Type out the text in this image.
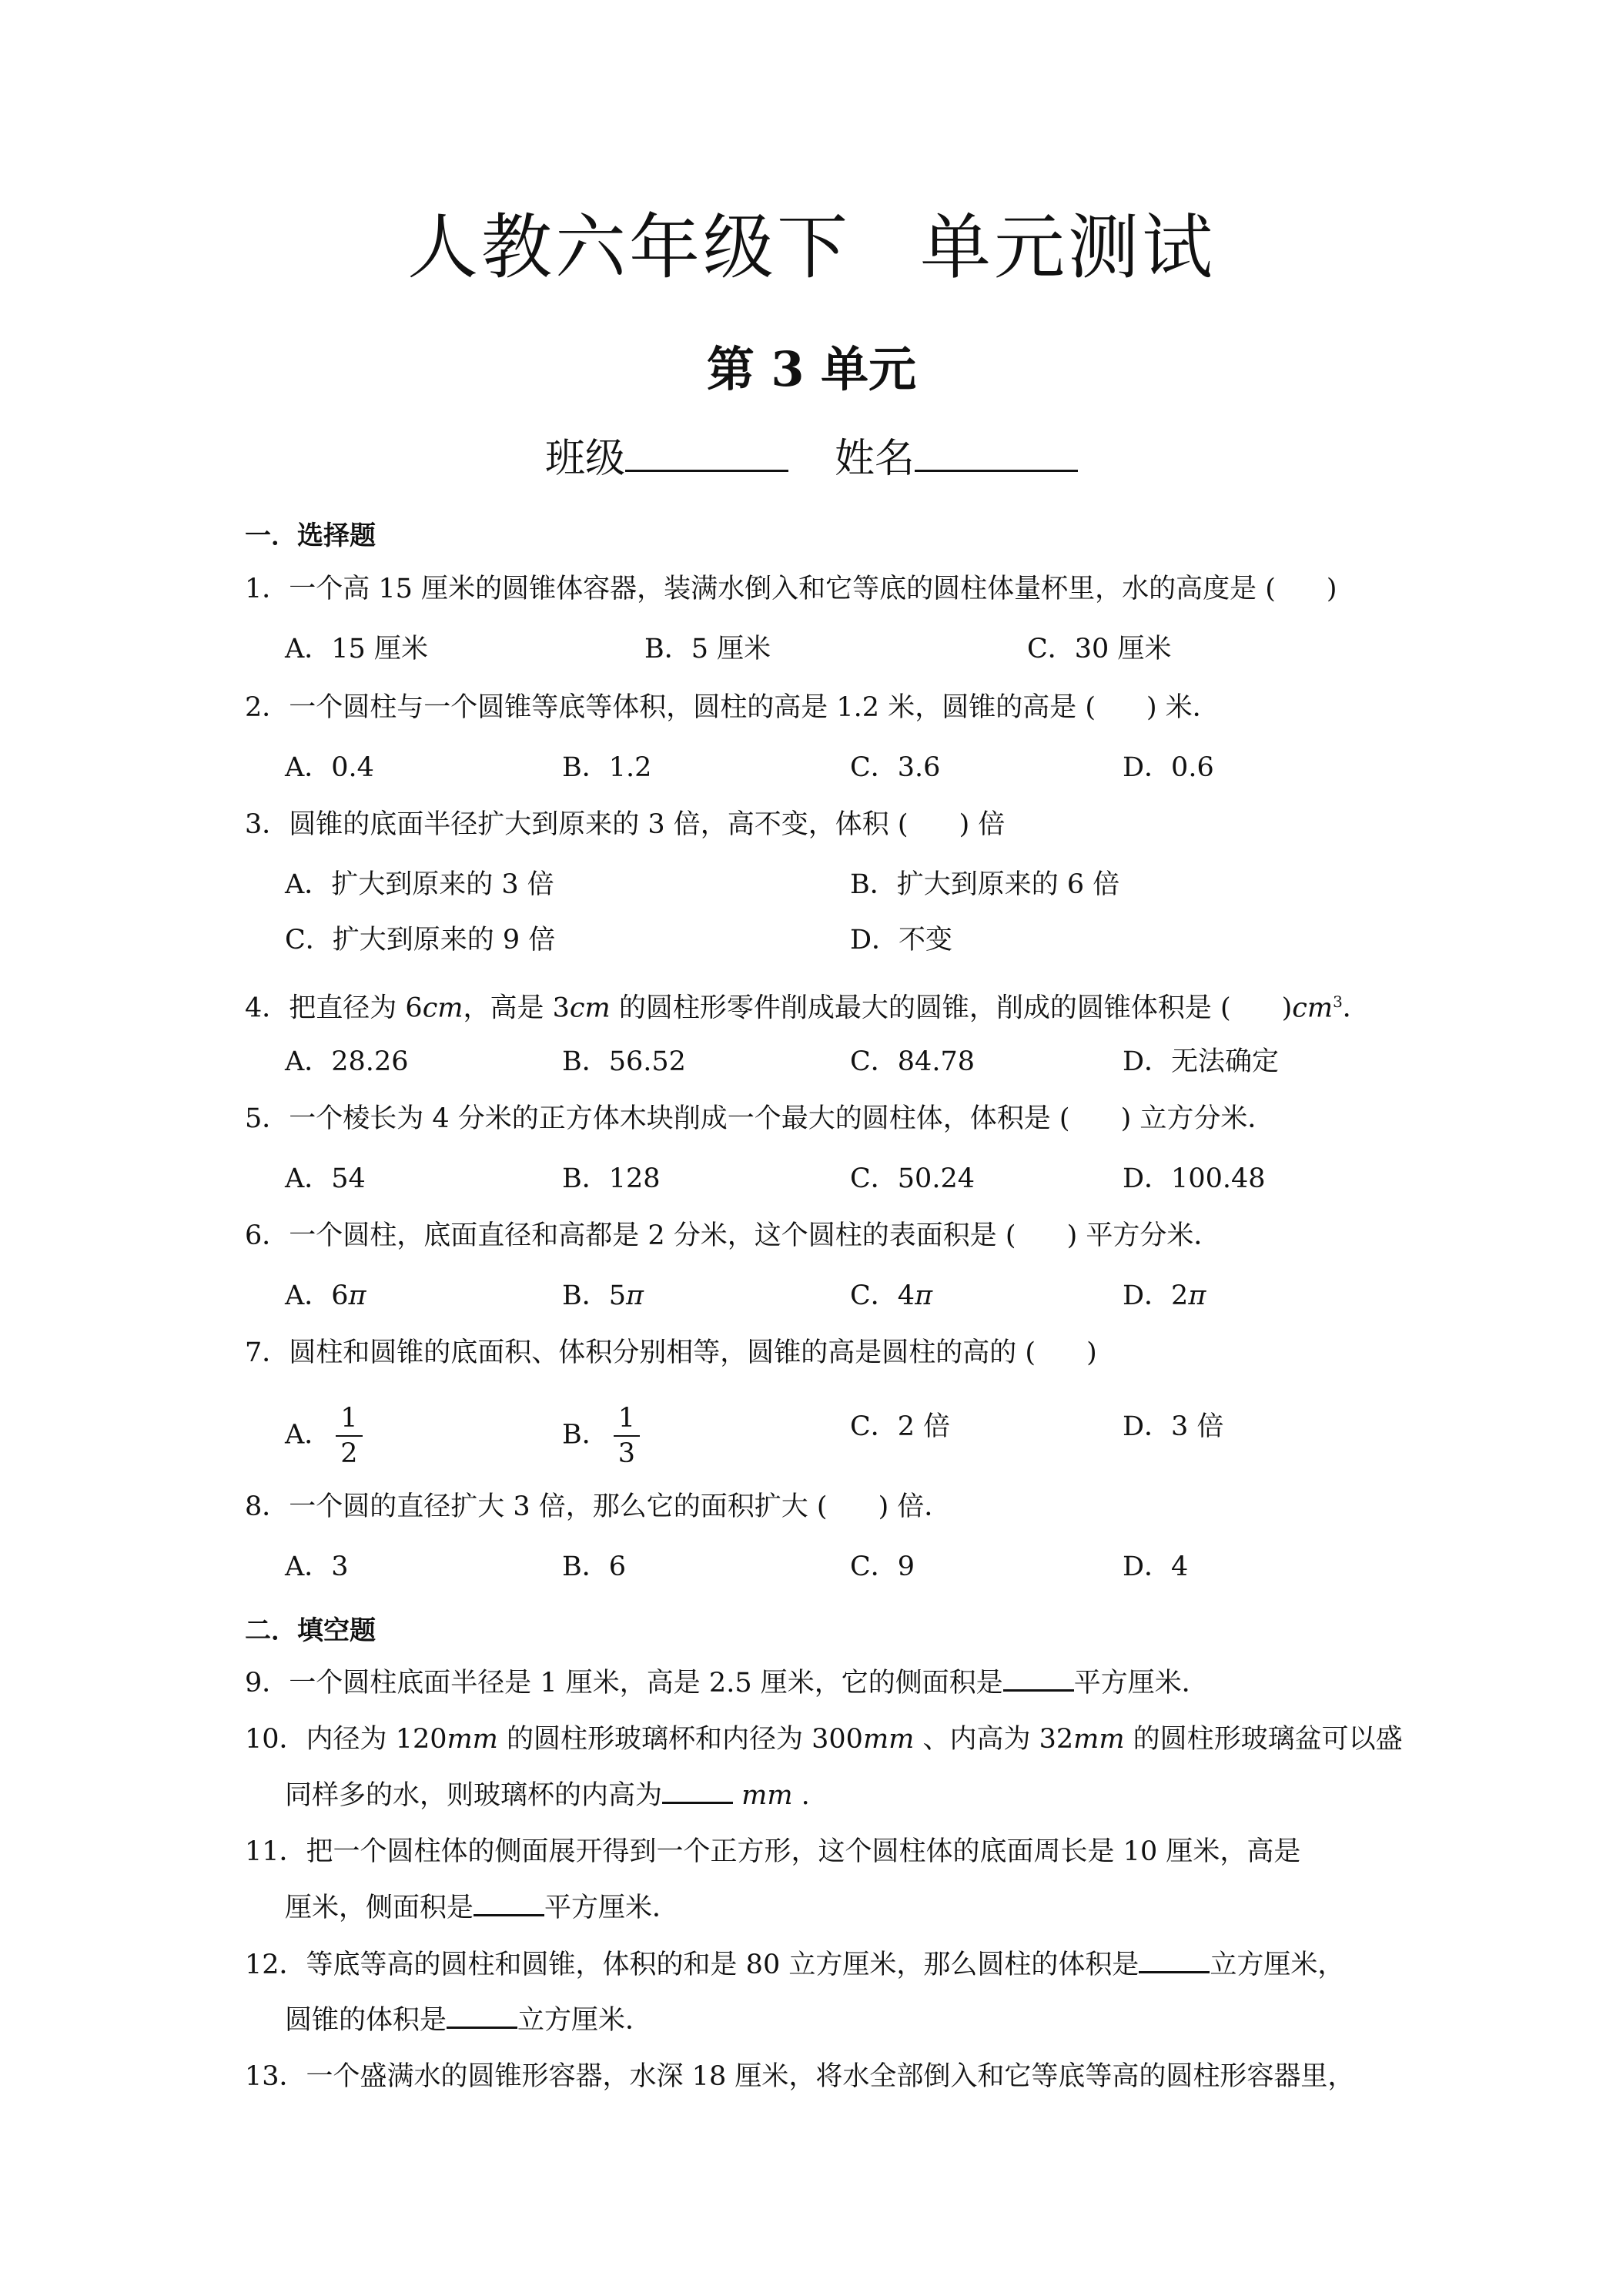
人教六年级下 单元测试
第 3 单元
班级	姓名
一．选择题
1．一个高 15 厘米的圆锥体容器，装满水倒入和它等底的圆柱体量杯里，水的高度是 ( )
A．15 厘米	B．5 厘米	C．30 厘米
2．一个圆柱与一个圆锥等底等体积，圆柱的高是 1.2 米，圆锥的高是 ( ) 米．
A．0.4	B．1.2	C．3.6	D．0.6
3．圆锥的底面半径扩大到原来的 3 倍，高不变，体积 ( ) 倍
A．扩大到原来的 3 倍	B．扩大到原来的 6 倍
C．扩大到原来的 9 倍	D．不变
4．把直径为 6cm，高是 3cm 的圆柱形零件削成最大的圆锥，削成的圆锥体积是 ( )$cm^3$．
A．28.26	B．56.52	C．84.78	D．无法确定
5．一个棱长为 4 分米的正方体木块削成一个最大的圆柱体，体积是 ( ) 立方分米．
A．54	B．128	C．50.24	D．100.48
6．一个圆柱，底面直径和高都是 2 分米，这个圆柱的表面积是 ( ) 平方分米．
A．6π	B．5π	C．4π	D．2π
7．圆柱和圆锥的底面积、体积分别相等，圆锥的高是圆柱的高的 ( )
A． $\frac{1}{2}$	B． $\frac{1}{3}$	C．2 倍	D．3 倍
8．一个圆的直径扩大 3 倍，那么它的面积扩大 ( ) 倍．
A．3	B．6	C．9	D．4
二．填空题
9．一个圆柱底面半径是 1 厘米，高是 2.5 厘米，它的侧面积是	平方厘米．
10．内径为 120mm 的圆柱形玻璃杯和内径为 300mm 、内高为 32mm 的圆柱形玻璃盆可以盛
同样多的水，则玻璃杯的内高为	mm .
11．把一个圆柱体的侧面展开得到一个正方形，这个圆柱体的底面周长是 10 厘米，高是
厘米，侧面积是	平方厘米．
12．等底等高的圆柱和圆锥，体积的和是 80 立方厘米，那么圆柱的体积是	立方厘米，
圆锥的体积是	立方厘米．
13．一个盛满水的圆锥形容器，水深 18 厘米，将水全部倒入和它等底等高的圆柱形容器里，
